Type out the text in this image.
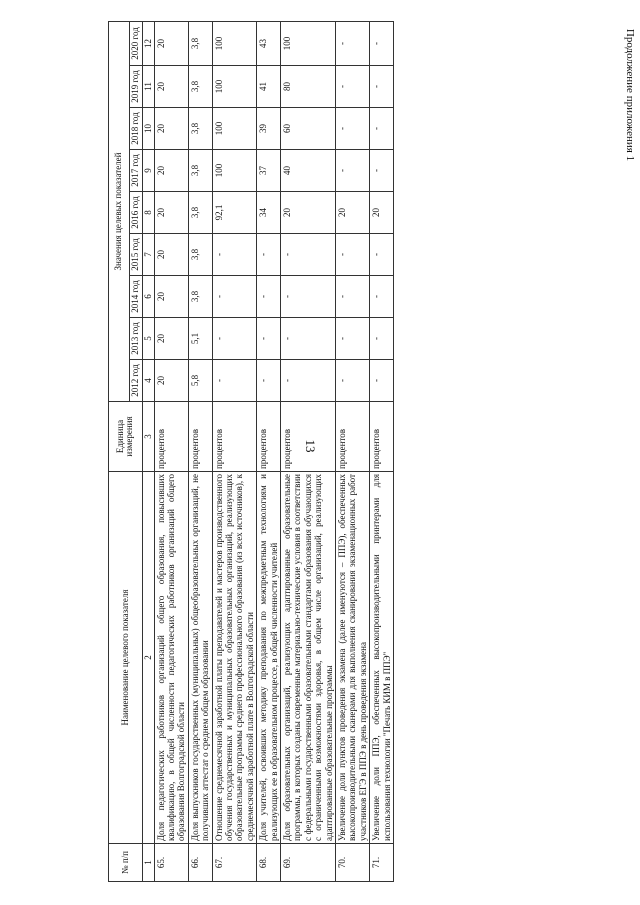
13
Продолжение приложения 1
№ п/п	Наименование целевого показателя	Единица измерения	Значения целевых показателей								
			2012 год	2013 год	2014 год	2015 год	2016 год	2017 год	2018 год	2019 год	2020 год
1	2	3	4	5	6	7	8	9	10	11	12
65.	Доля педагогических работников организаций общего образования, повысивших квалификацию, в общей численности педагогических работников организаций общего образования Волгоградской области	процентов	20	20	20	20	20	20	20	20	20
66.	Доля выпускников государственных (муниципальных) общеобразовательных организаций, не получивших аттестат о среднем общем образовании	процентов	5,8	5,1	3,8	3,8	3,8	3,8	3,8	3,8	3,8
67.	Отношение среднемесячной заработной платы преподавателей и мастеров производственного обучения государственных и муниципальных образовательных организаций, реализующих образовательные программы среднего профессионального образования (из всех источников), к среднемесячной заработной плате в Волгоградской области	процентов	-	-	-	-	92,1	100	100	100	100
68.	Доля учителей, освоивших методику преподавания по межпредметным технологиям и реализующих ее в образовательном процессе, в общей численности учителей	процентов	-	-	-	-	34	37	39	41	43
69.	Доля образовательных организаций, реализующих адаптированные образовательные программы, в которых созданы современные материально-технические условия в соответствии с федеральными государственными образовательными стандартами образования обучающихся с ограниченными возможностями здоровья, в общем числе организаций, реализующих адаптированные образовательные программы	процентов	-	-	-	-	20	40	60	80	100
70.	Увеличение доли пунктов проведения экзамена (далее именуются – ППЭ), обеспеченных высокопроизводительными сканерами для выполнения сканирования экзаменационных работ участников ЕГЭ в ППЭ в день проведения экзамена	процентов	-	-	-	-	20	-	-	-	-
71.	Увеличение доли ППЭ, обеспеченных высокопроизводительными принтерами для использования технологии "Печать КИМ в ППЭ"	процентов	-	-	-	-	20	-	-	-	-
